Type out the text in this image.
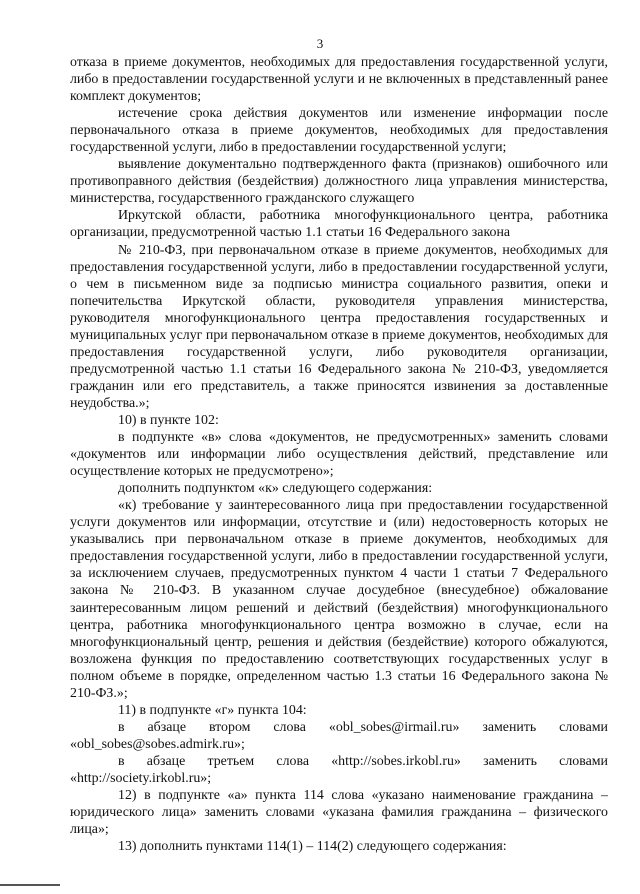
3

отказа в приеме документов, необходимых для предоставления государственной услуги, либо в предоставлении государственной услуги и не включенных в представленный ранее комплект документов;

истечение срока действия документов или изменение информации после первоначального отказа в приеме документов, необходимых для предоставления государственной услуги, либо в предоставлении государственной услуги;

выявление документально подтвержденного факта (признаков) ошибочного или противоправного действия (бездействия) должностного лица управления министерства, министерства, государственного гражданского служащего

Иркутской области, работника многофункционального центра, работника организации, предусмотренной частью 1.1 статьи 16 Федерального закона

№ 210-ФЗ, при первоначальном отказе в приеме документов, необходимых для предоставления государственной услуги, либо в предоставлении государственной услуги, о чем в письменном виде за подписью министра социального развития, опеки и попечительства Иркутской области, руководителя управления министерства, руководителя многофункционального центра предоставления государственных и муниципальных услуг при первоначальном отказе в приеме документов, необходимых для предоставления государственной услуги, либо руководителя организации, предусмотренной частью 1.1 статьи 16 Федерального закона № 210-ФЗ, уведомляется гражданин или его представитель, а также приносятся извинения за доставленные неудобства.»;

10) в пункте 102:

в подпункте «в» слова «документов, не предусмотренных» заменить словами «документов или информации либо осуществления действий, представление или осуществление которых не предусмотрено»;

дополнить подпунктом «к» следующего содержания:

«к) требование у заинтересованного лица при предоставлении государственной услуги документов или информации, отсутствие и (или) недостоверность которых не указывались при первоначальном отказе в приеме документов, необходимых для предоставления государственной услуги, либо в предоставлении государственной услуги, за исключением случаев, предусмотренных пунктом 4 части 1 статьи 7 Федерального закона № 210-ФЗ. В указанном случае досудебное (внесудебное) обжалование заинтересованным лицом решений и действий (бездействия) многофункционального центра, работника многофункционального центра возможно в случае, если на многофункциональный центр, решения и действия (бездействие) которого обжалуются, возложена функция по предоставлению соответствующих государственных услуг в полном объеме в порядке, определенном частью 1.3 статьи 16 Федерального закона № 210-ФЗ.»;

11) в подпункте «г» пункта 104:

в абзаце втором слова «obl_sobes@irmail.ru» заменить словами «obl_sobes@sobes.admirk.ru»;

в абзаце третьем слова «http://sobes.irkobl.ru» заменить словами «http://society.irkobl.ru»;

12) в подпункте «а» пункта 114 слова «указано наименование гражданина – юридического лица» заменить словами «указана фамилия гражданина – физического лица»;

13) дополнить пунктами 114(1) – 114(2) следующего содержания:
